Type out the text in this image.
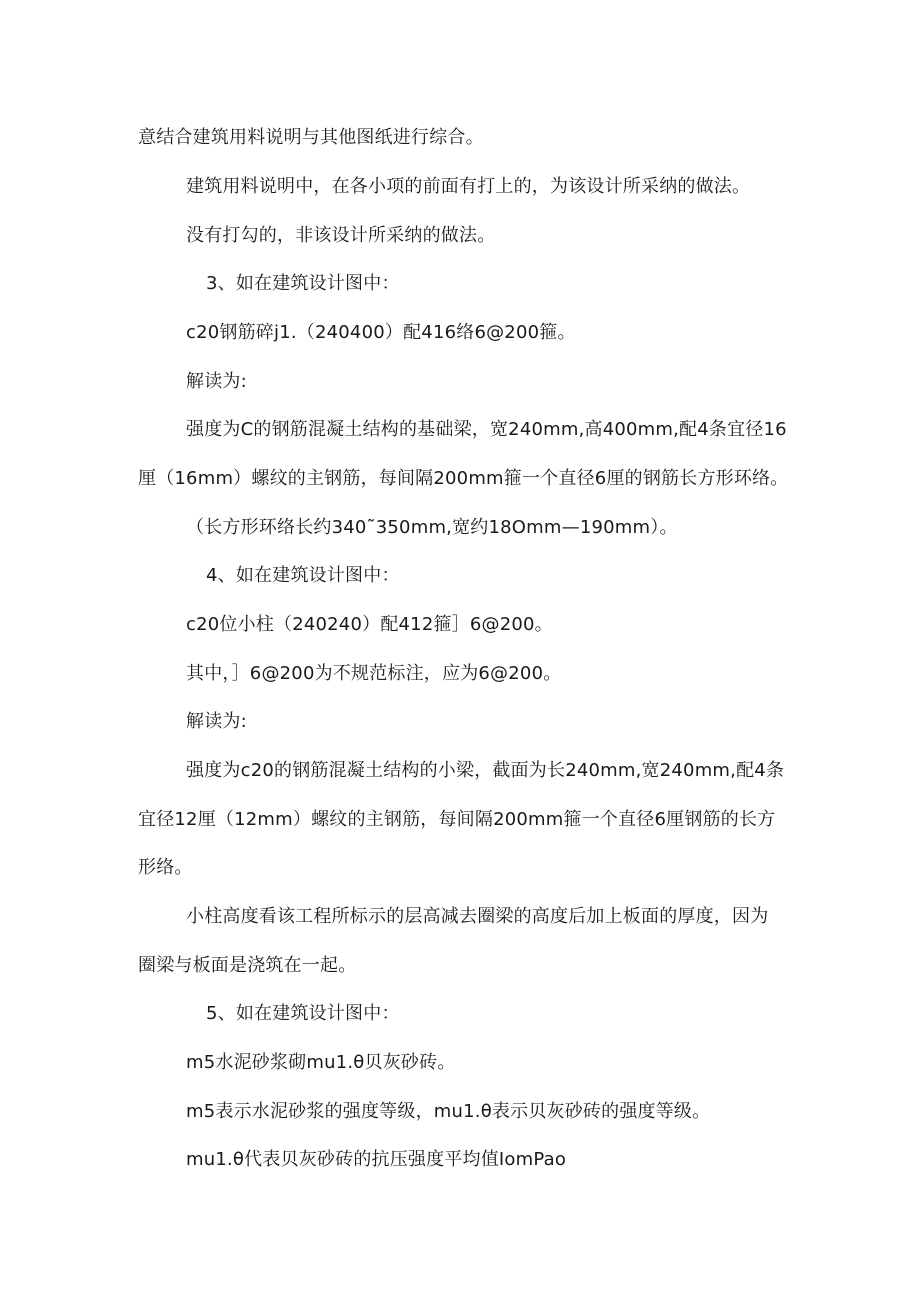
意结合建筑用料说明与其他图纸进行综合。
建筑用料说明中，在各小项的前面有打上的，为该设计所采纳的做法。
没有打勾的，非该设计所采纳的做法。
3、如在建筑设计图中：
c20钢筋碎j1.（240400）配416络6@200箍。
解读为:
强度为C的钢筋混凝土结构的基础梁，宽240mm,高400mm,配4条宜径16
厘（16mm）螺纹的主钢筋，每间隔200mm箍一个直径6厘的钢筋长方形环络。
（长方形环络长约340˜350mm,宽约18Omm—190mm）。
4、如在建筑设计图中：
c20位小柱（240240）配412箍］6@200。
其中，］6@200为不规范标注，应为6@200。
解读为:
强度为c20的钢筋混凝土结构的小梁，截面为长240mm,宽240mm,配4条
宜径12厘（12mm）螺纹的主钢筋，每间隔200mm箍一个直径6厘钢筋的长方
形络。
小柱高度看该工程所标示的层高减去圈梁的高度后加上板面的厚度，因为
圈梁与板面是浇筑在一起。
5、如在建筑设计图中：
m5水泥砂浆砌mu1.θ贝灰砂砖。
m5表示水泥砂浆的强度等级，mu1.θ表示贝灰砂砖的强度等级。
mu1.θ代表贝灰砂砖的抗压强度平均值IomPao
